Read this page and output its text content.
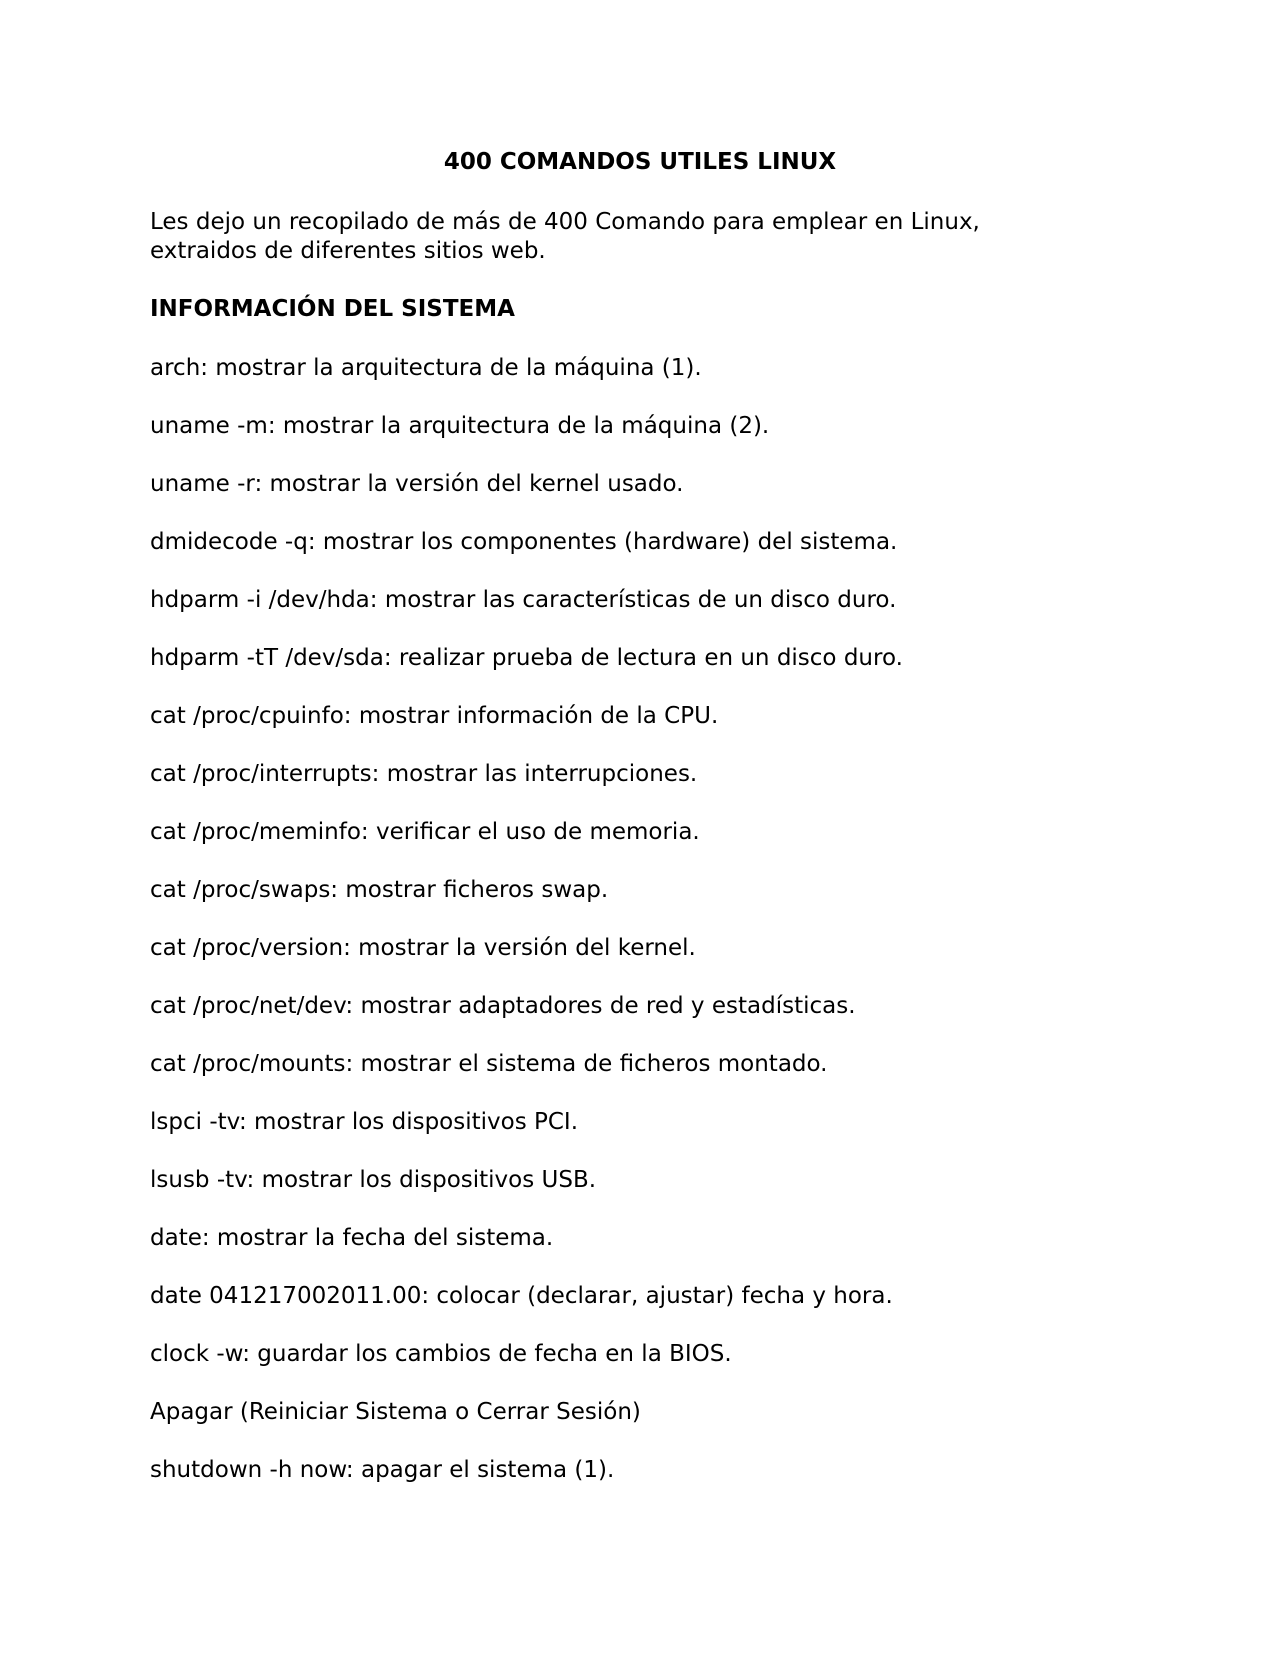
400 COMANDOS UTILES LINUX
Les dejo un recopilado de más de 400 Comando para emplear en Linux,
extraidos de diferentes sitios web.
INFORMACIÓN DEL SISTEMA
arch: mostrar la arquitectura de la máquina (1).
uname -m: mostrar la arquitectura de la máquina (2).
uname -r: mostrar la versión del kernel usado.
dmidecode -q: mostrar los componentes (hardware) del sistema.
hdparm -i /dev/hda: mostrar las características de un disco duro.
hdparm -tT /dev/sda: realizar prueba de lectura en un disco duro.
cat /proc/cpuinfo: mostrar información de la CPU.
cat /proc/interrupts: mostrar las interrupciones.
cat /proc/meminfo: verificar el uso de memoria.
cat /proc/swaps: mostrar ficheros swap.
cat /proc/version: mostrar la versión del kernel.
cat /proc/net/dev: mostrar adaptadores de red y estadísticas.
cat /proc/mounts: mostrar el sistema de ficheros montado.
lspci -tv: mostrar los dispositivos PCI.
lsusb -tv: mostrar los dispositivos USB.
date: mostrar la fecha del sistema.
date 041217002011.00: colocar (declarar, ajustar) fecha y hora.
clock -w: guardar los cambios de fecha en la BIOS.
Apagar (Reiniciar Sistema o Cerrar Sesión)
shutdown -h now: apagar el sistema (1).
